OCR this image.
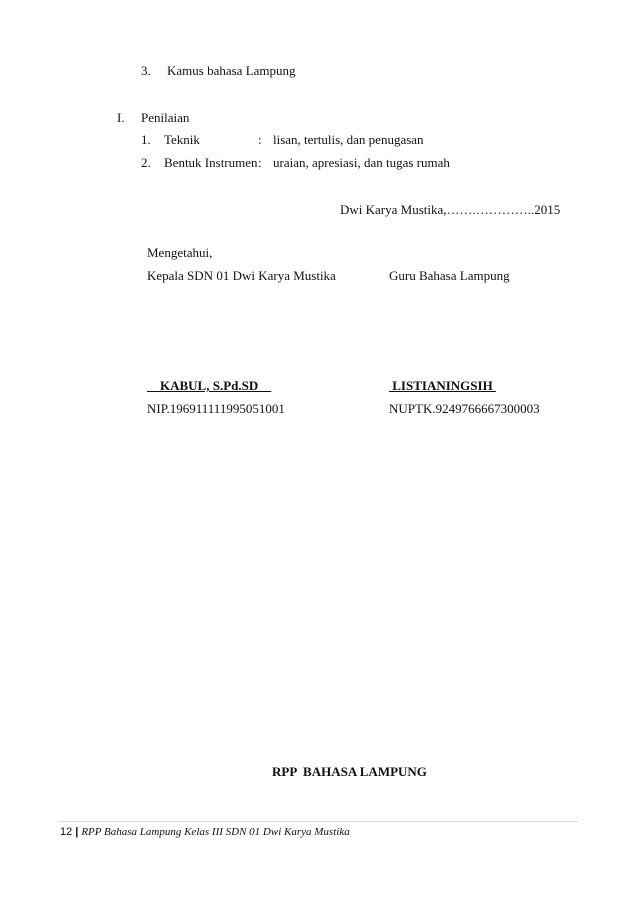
3. Kamus bahasa Lampung
I. Penilaian
1. Teknik	: lisan, tertulis, dan penugasan
2. Bentuk Instrumen : uraian, apresiasi, dan tugas rumah
Dwi Karya Mustika,…….…………..2015
Mengetahui,
Kepala SDN 01 Dwi Karya Mustika	Guru Bahasa Lampung
KABUL, S.Pd.SD	LISTIANINGSIH
NIP.196911111995051001	NUPTK.9249766667300003
RPP  BAHASA LAMPUNG
12 | RPP Bahasa Lampung Kelas III SDN 01 Dwi Karya Mustika
